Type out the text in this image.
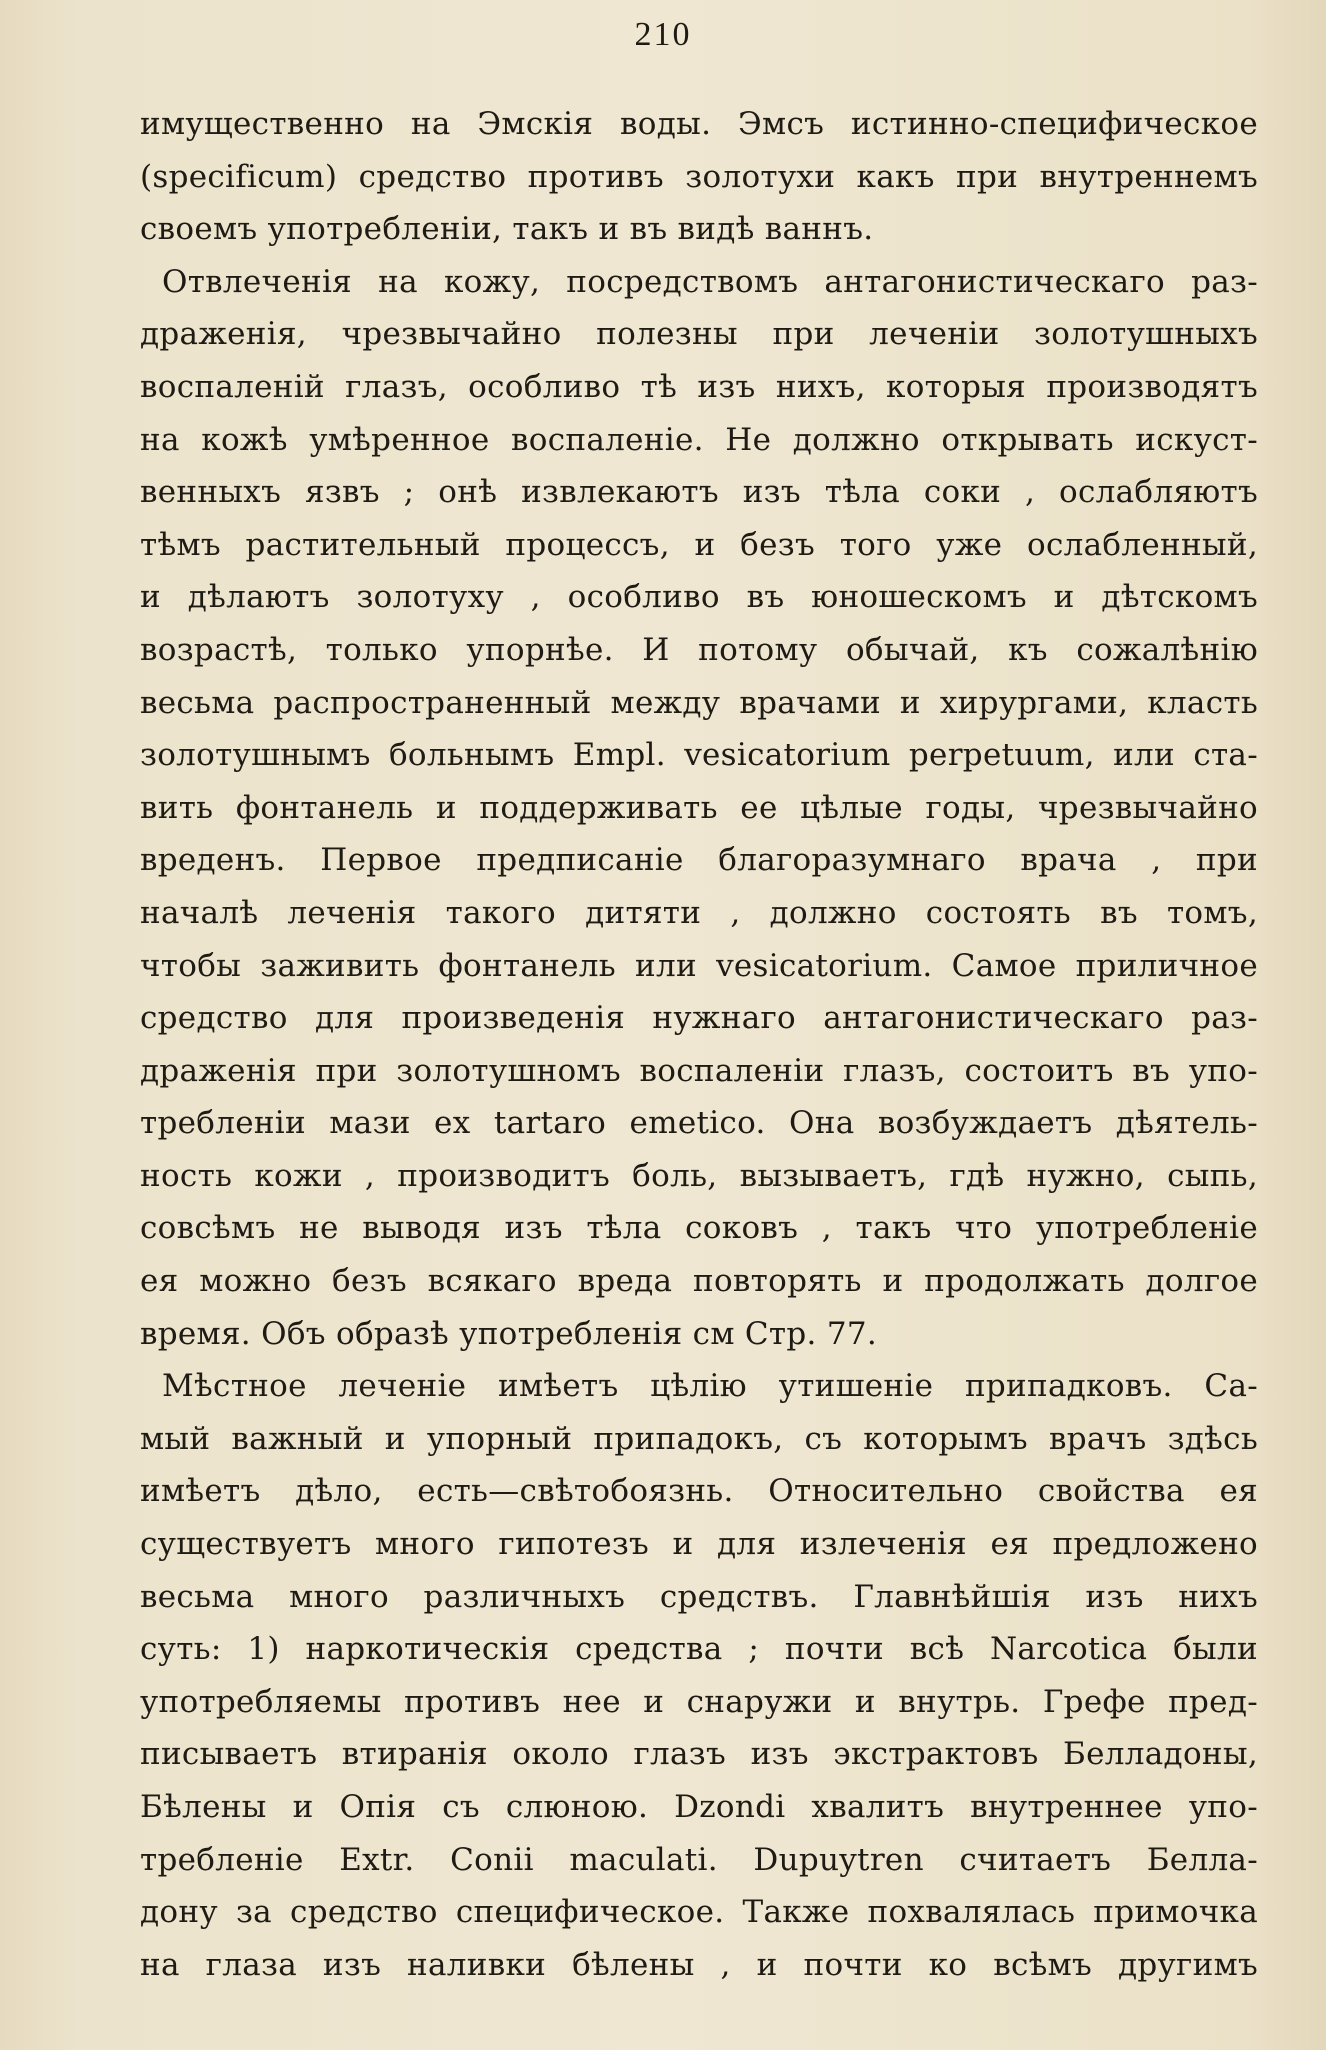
210
имущественно на Эмскія воды. Эмсъ истинно-специфическое
(specificum) средство противъ золотухи какъ при внутреннемъ
своемъ употребленіи, такъ и въ видѣ ваннъ.
Отвлеченія на кожу, посредствомъ антагонистическаго раз-
драженія, чрезвычайно полезны при леченіи золотушныхъ
воспаленій глазъ, особливо тѣ изъ нихъ, которыя производятъ
на кожѣ умѣренное воспаленіе. Не должно открывать искуст-
венныхъ язвъ ; онѣ извлекаютъ изъ тѣла соки , ослабляютъ
тѣмъ растительный процессъ, и безъ того уже ослабленный,
и дѣлаютъ золотуху , особливо въ юношескомъ и дѣтскомъ
возрастѣ, только упорнѣе. И потому обычай, къ сожалѣнію
весьма распространенный между врачами и хирургами, класть
золотушнымъ больнымъ Empl. vesicatorium perpetuum, или ста-
вить фонтанель и поддерживать ее цѣлые годы, чрезвычайно
вреденъ. Первое предписаніе благоразумнаго врача , при
началѣ леченія такого дитяти , должно состоять въ томъ,
чтобы заживить фонтанель или vesicatorium. Самое приличное
средство для произведенія нужнаго антагонистическаго раз-
драженія при золотушномъ воспаленіи глазъ, состоитъ въ упо-
требленіи мази ex tartaro emetico. Она возбуждаетъ дѣятель-
ность кожи , производитъ боль, вызываетъ, гдѣ нужно, сыпь,
совсѣмъ не выводя изъ тѣла соковъ , такъ что употребленіе
ея можно безъ всякаго вреда повторять и продолжать долгое
время. Объ образѣ употребленія см Стр. 77.
Мѣстное леченіе имѣетъ цѣлію утишеніе припадковъ. Са-
мый важный и упорный припадокъ, съ которымъ врачъ здѣсь
имѣетъ дѣло, есть—свѣтобоязнь. Относительно свойства ея
существуетъ много гипотезъ и для излеченія ея предложено
весьма много различныхъ средствъ. Главнѣйшія изъ нихъ
суть: 1) наркотическія средства ; почти всѣ Narcotica были
употребляемы противъ нее и снаружи и внутрь. Грефе пред-
писываетъ втиранія около глазъ изъ экстрактовъ Белладоны,
Бѣлены и Опія съ слюною. Dzondi хвалитъ внутреннее упо-
требленіе Extr. Conii maculati. Dupuytren считаетъ Белла-
дону за средство специфическое. Также похвалялась примочка
на глаза изъ наливки бѣлены , и почти ко всѣмъ другимъ
